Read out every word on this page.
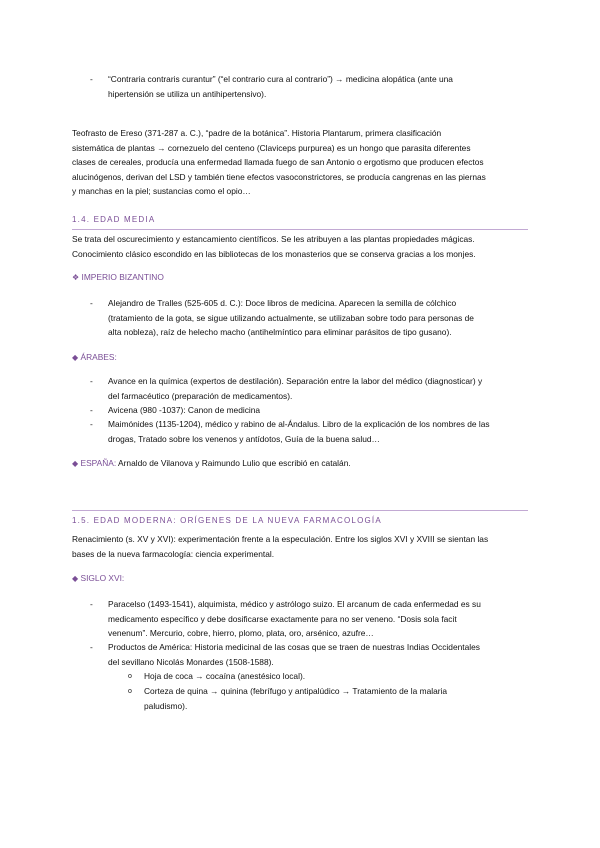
- “Contraria contraris curantur” (“el contrario cura al contrario”) → medicina alopática (ante una
hipertensión se utiliza un antihipertensivo).
Teofrasto de Ereso (371-287 a. C.), “padre de la botánica”. Historia Plantarum, primera clasificación
sistemática de plantas → cornezuelo del centeno (Claviceps purpurea) es un hongo que parasita diferentes
clases de cereales, producía una enfermedad llamada fuego de san Antonio o ergotismo que producen efectos
alucinógenos, derivan del LSD y también tiene efectos vasoconstrictores, se producía cangrenas en las piernas
y manchas en la piel; sustancias como el opio…
1.4. EDAD MEDIA
Se trata del oscurecimiento y estancamiento científicos. Se les atribuyen a las plantas propiedades mágicas.
Conocimiento clásico escondido en las bibliotecas de los monasterios que se conserva gracias a los monjes.
❖ IMPERIO BIZANTINO
- Alejandro de Tralles (525-605 d. C.): Doce libros de medicina. Aparecen la semilla de cólchico
(tratamiento de la gota, se sigue utilizando actualmente, se utilizaban sobre todo para personas de
alta nobleza), raíz de helecho macho (antihelmíntico para eliminar parásitos de tipo gusano).
◆ ÁRABES:
- Avance en la química (expertos de destilación). Separación entre la labor del médico (diagnosticar) y
del farmacéutico (preparación de medicamentos).
- Avicena (980 -1037): Canon de medicina
- Maimónides (1135-1204), médico y rabino de al-Ándalus. Libro de la explicación de los nombres de las
drogas, Tratado sobre los venenos y antídotos, Guía de la buena salud…
◆ ESPAÑA: Arnaldo de Vilanova y Raimundo Lulio que escribió en catalán.
1.5. EDAD MODERNA: ORÍGENES DE LA NUEVA FARMACOLOGÍA
Renacimiento (s. XV y XVI): experimentación frente a la especulación. Entre los siglos XVI y XVIII se sientan las
bases de la nueva farmacología: ciencia experimental.
◆ SIGLO XVI:
- Paracelso (1493-1541), alquimista, médico y astrólogo suizo. El arcanum de cada enfermedad es su
medicamento específico y debe dosificarse exactamente para no ser veneno. “Dosis sola facit
venenum”. Mercurio, cobre, hierro, plomo, plata, oro, arsénico, azufre…
- Productos de América: Historia medicinal de las cosas que se traen de nuestras Indias Occidentales
del sevillano Nicolás Monardes (1508-1588).
o Hoja de coca → cocaína (anestésico local).
o Corteza de quina → quinina (febrífugo y antipalúdico → Tratamiento de la malaria
paludismo).
